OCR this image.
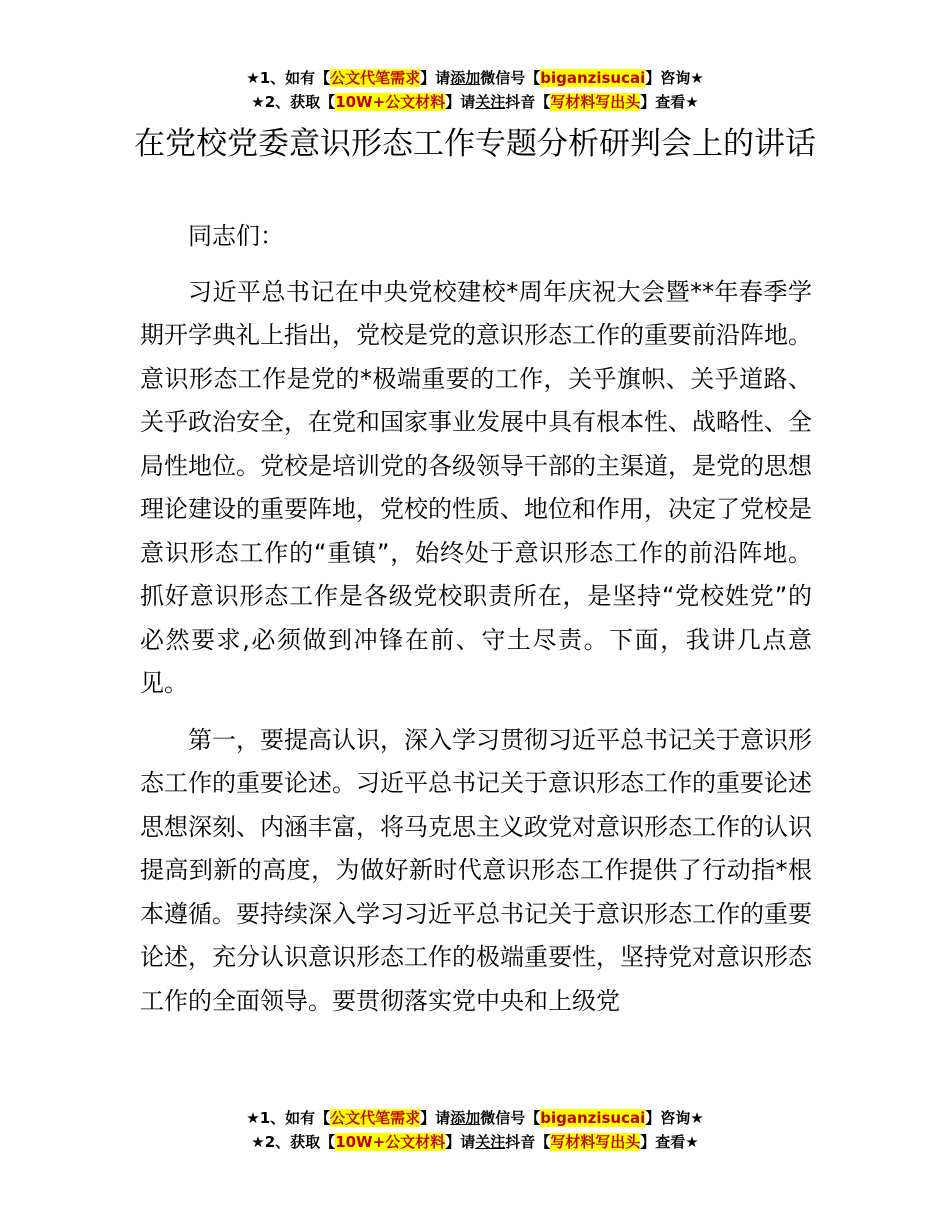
★1、如有【公文代笔需求】请添加微信号【biganzisucai】咨询★
★2、获取【10W+公文材料】请关注抖音【写材料写出头】查看★
在党校党委意识形态工作专题分析研判会上的讲话

同志们：

习近平总书记在中央党校建校*周年庆祝大会暨**年春季学期开学典礼上指出，党校是党的意识形态工作的重要前沿阵地。意识形态工作是党的*极端重要的工作，关乎旗帜、关乎道路、关乎政治安全，在党和国家事业发展中具有根本性、战略性、全局性地位。党校是培训党的各级领导干部的主渠道，是党的思想理论建设的重要阵地，党校的性质、地位和作用，决定了党校是意识形态工作的“重镇”，始终处于意识形态工作的前沿阵地。抓好意识形态工作是各级党校职责所在，是坚持“党校姓党”的必然要求,必须做到冲锋在前、守土尽责。下面，我讲几点意见。

第一，要提高认识，深入学习贯彻习近平总书记关于意识形态工作的重要论述。习近平总书记关于意识形态工作的重要论述思想深刻、内涵丰富，将马克思主义政党对意识形态工作的认识提高到新的高度，为做好新时代意识形态工作提供了行动指*根本遵循。要持续深入学习习近平总书记关于意识形态工作的重要论述，充分认识意识形态工作的极端重要性，坚持党对意识形态工作的全面领导。要贯彻落实党中央和上级党

★1、如有【公文代笔需求】请添加微信号【biganzisucai】咨询★
★2、获取【10W+公文材料】请关注抖音【写材料写出头】查看★
